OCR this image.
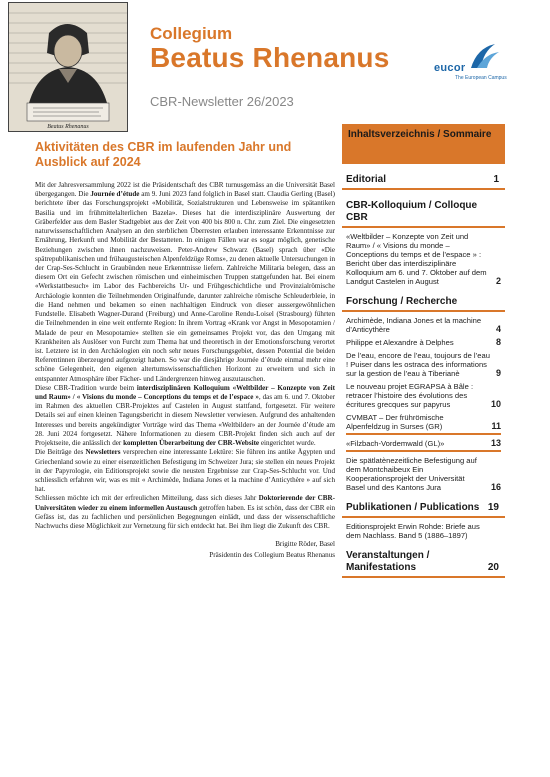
Beatus Rhenanus
Collegium
Beatus Rhenanus
CBR-Newsletter 26/2023
eucor
The European Campus
Aktivitäten des CBR im laufenden Jahr und Ausblick auf 2024

Mit der Jahresversammlung 2022 ist die Präsidentschaft des CBR turnusgemäss an die Universität Basel übergegangen. Die Journée d’étude am 9. Juni 2023 fand folglich in Basel statt. Claudia Gerling (Basel) berichtete über das Forschungsprojekt «Mobilität, Sozialstrukturen und Lebensweise im spätantiken Basilia und im frühmittelalterlichen Bazela». Dieses hat die interdisziplinäre Auswertung der Gräberfelder aus dem Basler Stadtgebiet aus der Zeit von 400 bis 800 n. Chr. zum Ziel. Die eingesetzten naturwissenschaftlichen Analysen an den sterblichen Überresten erlauben interessante Erkenntnisse zur Ernährung, Herkunft und Mobilität der Bestatteten. In einigen Fällen war es sogar möglich, genetische Beziehungen zwischen ihnen nachzuweisen. Peter-Andrew Schwarz (Basel) sprach über «Die spätrepublikanischen und frühaugusteischen Alpenfeldzüge Roms», zu denen aktuelle Untersuchungen in der Crap-Ses-Schlucht in Graubünden neue Erkenntnisse liefern. Zahlreiche Militaria belegen, dass an diesem Ort ein Gefecht zwischen römischen und einheimischen Truppen stattgefunden hat. Bei einem «Werkstattbesuch» im Labor des Fachbereichs Ur- und Frühgeschichtliche und Provinzialrömische Archäologie konnten die Teilnehmenden Originalfunde, darunter zahlreiche römische Schleuderbleie, in die Hand nehmen und bekamen so einen nachhaltigen Eindruck von dieser aussergewöhnlichen Fundstelle. Elisabeth Wagner-Durand (Freiburg) und Anne-Caroline Rendu-Loisel (Strasbourg) führten die Teilnehmenden in eine weit entfernte Region: In ihrem Vortrag «Krank vor Angst in Mesopotamien / Malade de peur en Mesopotamie» stellten sie ein gemeinsames Projekt vor, das den Umgang mit Krankheiten als Auslöser von Furcht zum Thema hat und theoretisch in der Emotionsforschung verortet ist. Letztere ist in den Archäologien ein noch sehr neues Forschungsgebiet, dessen Potential die beiden Referentinnen überzeugend aufgezeigt haben. So war die diesjährige Journée d’étude einmal mehr eine schöne Gelegenheit, den eigenen altertumswissenschaftlichen Horizont zu erweitern und sich in entspannter Atmosphäre über Fächer- und Ländergrenzen hinweg auszutauschen.

Diese CBR-Tradition wurde beim interdisziplinären Kolloquium «Weltbilder – Konzepte von Zeit und Raum» / « Visions du monde – Conceptions du temps et de l’espace », das am 6. und 7. Oktober im Rahmen des aktuellen CBR-Projektes auf Castelen in August stattfand, fortgesetzt. Für weitere Details sei auf einen kleinen Tagungsbericht in diesem Newsletter verwiesen. Aufgrund des anhaltenden Interesses und bereits angekündigter Vorträge wird das Thema «Weltbilder» an der Journée d’étude am 28. Juni 2024 fortgesetzt. Nähere Informationen zu diesem CBR-Projekt finden sich auch auf der Projektseite, die anlässlich der kompletten Überarbeitung der CBR-Website eingerichtet wurde.

Die Beiträge des Newsletters versprechen eine interessante Lektüre: Sie führen ins antike Ägypten und Griechenland sowie zu einer eisenzeitlichen Befestigung im Schweizer Jura; sie stellen ein neues Projekt in der Papyrologie, ein Editionsprojekt sowie die neusten Ergebnisse zur Crap-Ses-Schlucht vor. Und schliesslich erfahren wir, was es mit « Archimède, Indiana Jones et la machine d’Anticythère » auf sich hat.

Schliessen möchte ich mit der erfreulichen Mitteilung, dass sich dieses Jahr Doktorierende der CBR-Universitäten wieder zu einem informellen Austausch getroffen haben. Es ist schön, dass der CBR ein Gefäss ist, das zu fachlichen und persönlichen Begegnungen einlädt, und dass der wissenschaftliche Nachwuchs diese Möglichkeit zur Vernetzung für sich entdeckt hat. Bei ihm liegt die Zukunft des CBR.

Brigitte Röder, Basel
Präsidentin des Collegium Beatus Rhenanus
Inhaltsverzeichnis / Sommaire
Editorial	1
CBR-Kolloquium / Colloque CBR
«Weltbilder – Konzepte von Zeit und Raum» / « Visions du monde – Conceptions du temps et de l’espace » : Bericht über das interdisziplinäre Kolloquium am 6. und 7. Oktober auf dem Landgut Castelen in August	2
Forschung / Recherche
Archimède, Indiana Jones et la machine d’Anticythère	4
Philippe et Alexandre à Delphes	8
De l’eau, encore de l’eau, toujours de l’eau ! Puiser dans les ostraca des informations sur la gestion de l’eau à Tiberianè	9
Le nouveau projet EGRAPSA à Bâle : retracer l’histoire des évolutions des écritures grecques sur papyrus	10
CVMBAT – Der frührömische Alpenfeldzug in Surses (GR)	11
«Filzbach-Vordemwald (GL)»	13
Die spätlatènezeitliche Befestigung auf dem Montchaibeux Ein Kooperationsprojekt der Universität Basel und des Kantons Jura	16
Publikationen / Publications 19
Editionsprojekt Erwin Rohde: Briefe aus dem Nachlass. Band 5 (1886–1897)
Veranstaltungen / Manifestations	20
